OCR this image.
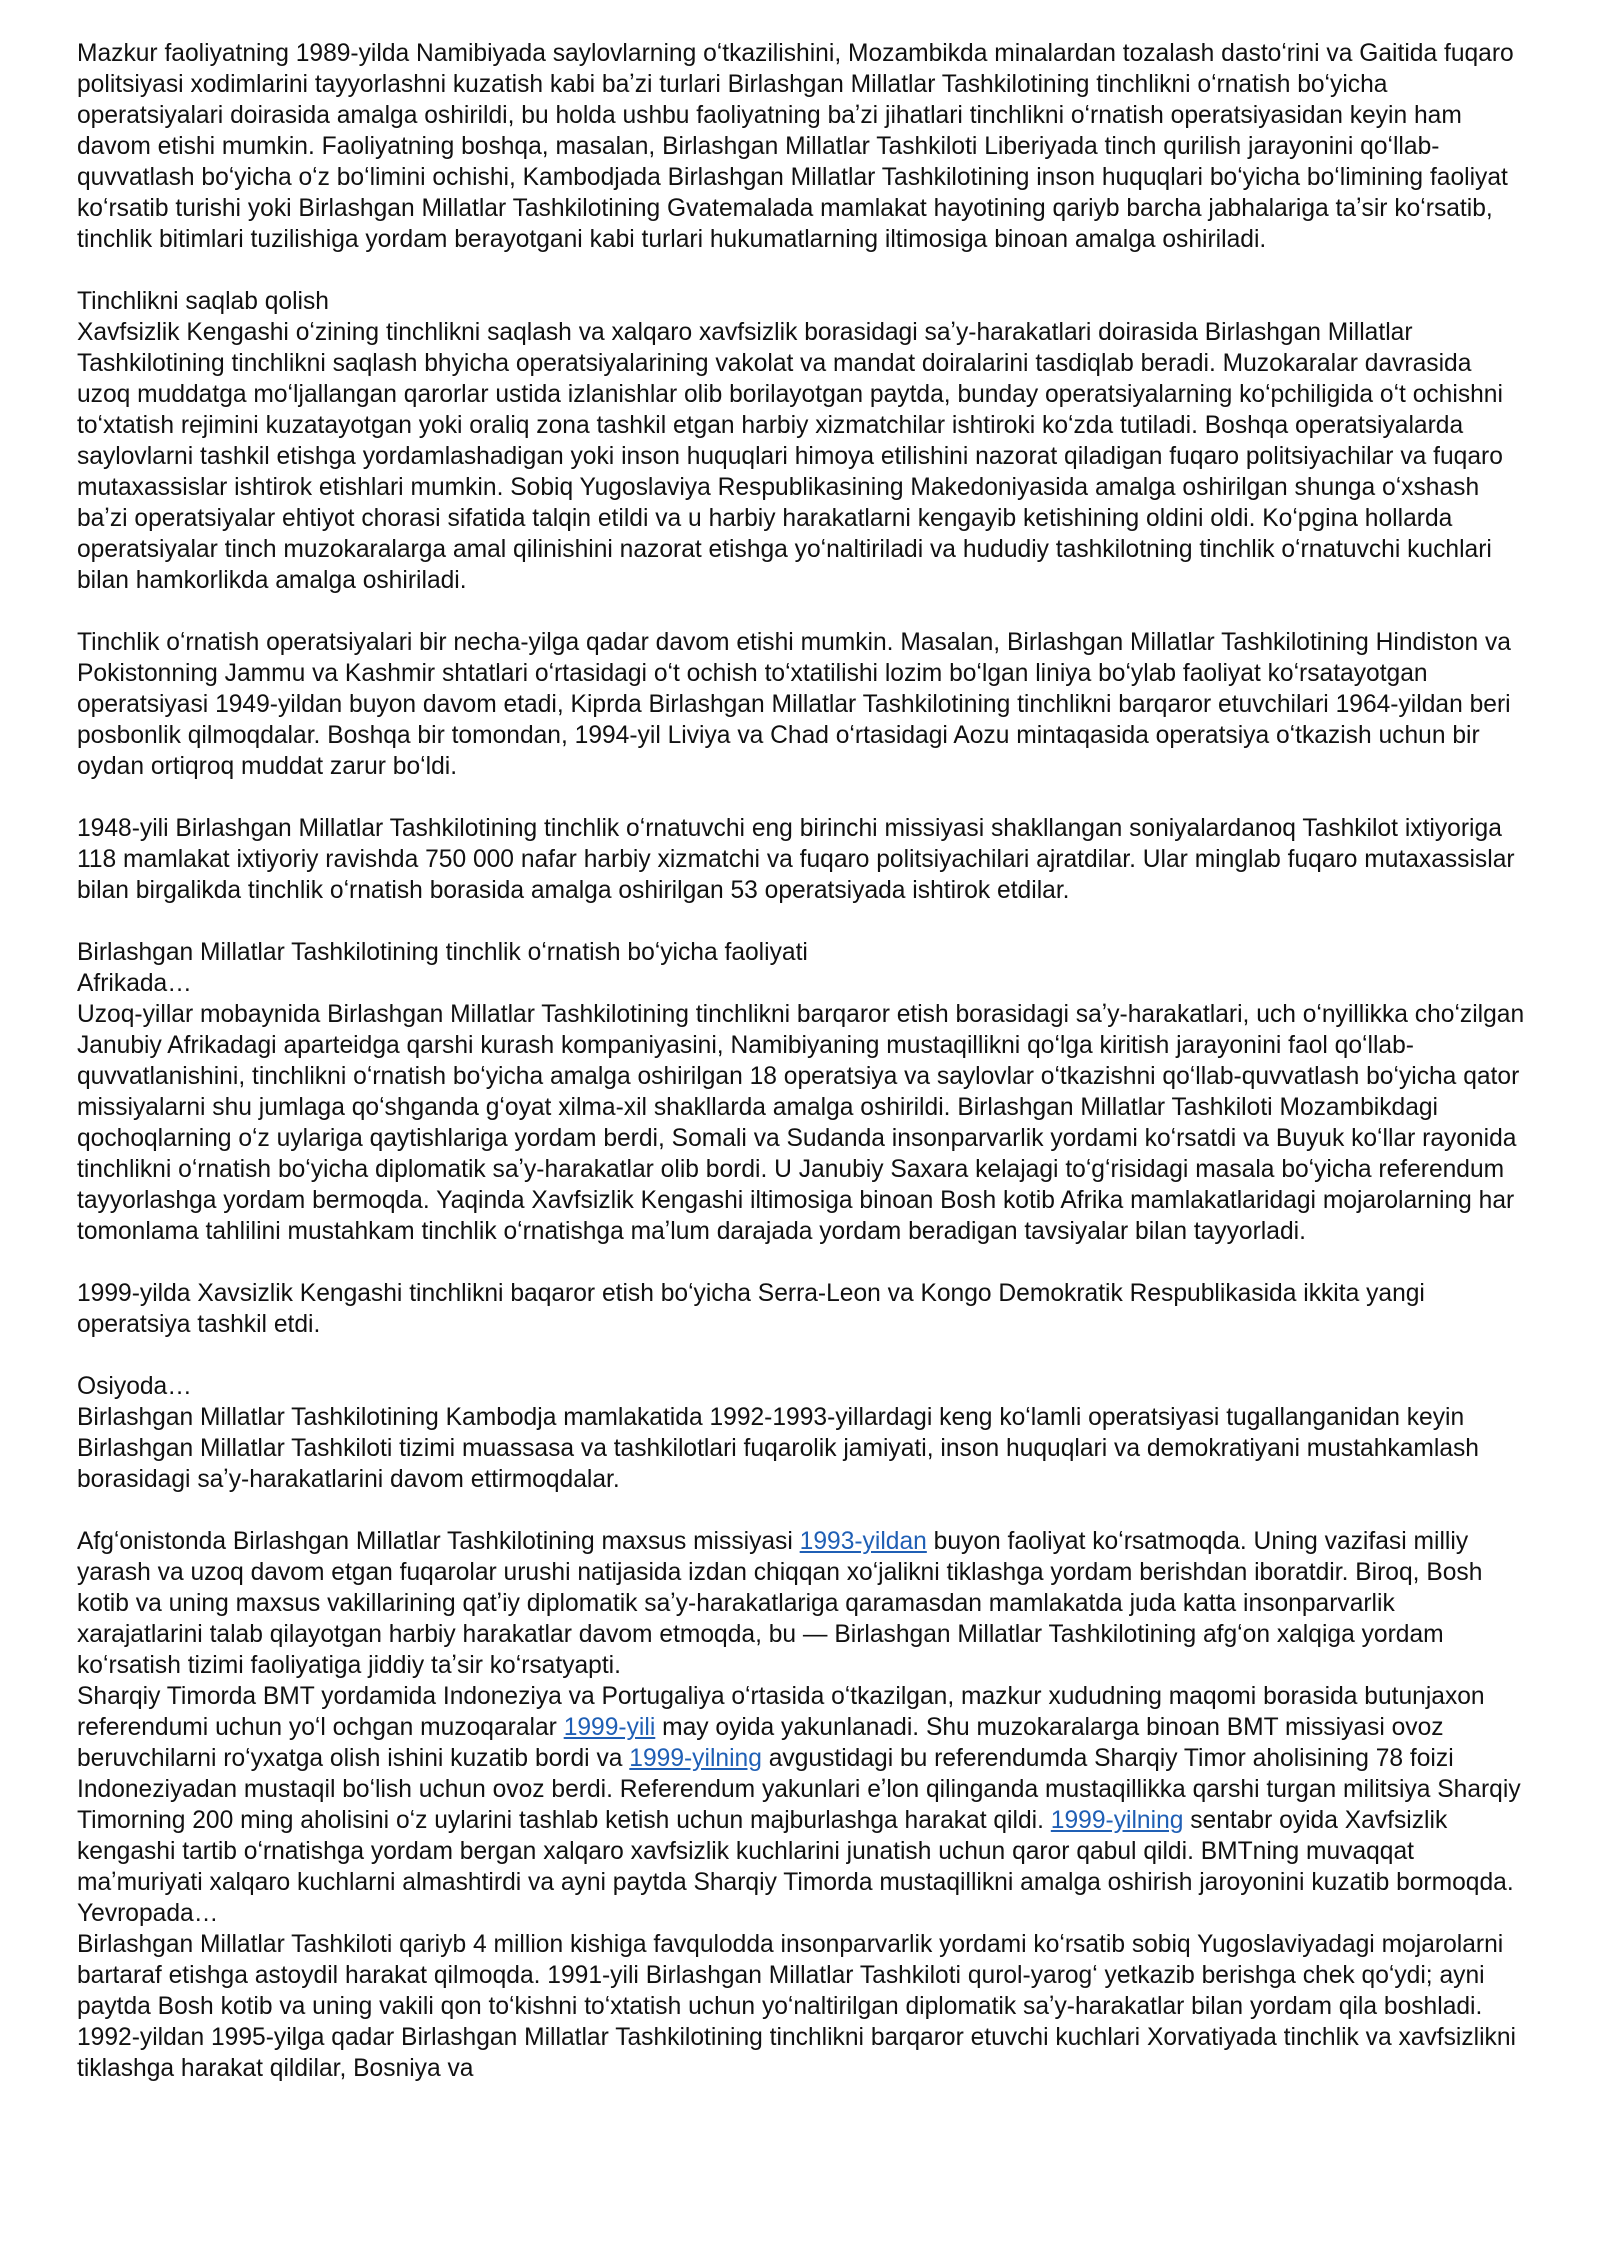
Mazkur faoliyatning 1989-yilda Namibiyada saylovlarning oʻtkazilishini, Mozambikda minalardan tozalash dastoʻrini va Gaitida fuqaro politsiyasi xodimlarini tayyorlashni kuzatish kabi baʼzi turlari Birlashgan Millatlar Tashkilotining tinchlikni oʻrnatish boʻyicha operatsiyalari doirasida amalga oshirildi, bu holda ushbu faoliyatning baʼzi jihatlari tinchlikni oʻrnatish operatsiyasidan keyin ham davom etishi mumkin. Faoliyatning boshqa, masalan, Birlashgan Millatlar Tashkiloti Liberiyada tinch qurilish jarayonini qoʻllab-quvvatlash boʻyicha oʻz boʻlimini ochishi, Kambodjada Birlashgan Millatlar Tashkilotining inson huquqlari boʻyicha boʻlimining faoliyat koʻrsatib turishi yoki Birlashgan Millatlar Tashkilotining Gvatemalada mamlakat hayotining qariyb barcha jabhalariga taʼsir koʻrsatib, tinchlik bitimlari tuzilishiga yordam berayotgani kabi turlari hukumatlarning iltimosiga binoan amalga oshiriladi.

Tinchlikni saqlab qolish
Xavfsizlik Kengashi oʻzining tinchlikni saqlash va xalqaro xavfsizlik borasidagi saʼy-harakatlari doirasida Birlashgan Millatlar Tashkilotining tinchlikni saqlash bhyicha operatsiyalarining vakolat va mandat doiralarini tasdiqlab beradi. Muzokaralar davrasida uzoq muddatga moʻljallangan qarorlar ustida izlanishlar olib borilayotgan paytda, bunday operatsiyalarning koʻpchiligida oʻt ochishni toʻxtatish rejimini kuzatayotgan yoki oraliq zona tashkil etgan harbiy xizmatchilar ishtiroki koʻzda tutiladi. Boshqa operatsiyalarda saylovlarni tashkil etishga yordamlashadigan yoki inson huquqlari himoya etilishini nazorat qiladigan fuqaro politsiyachilar va fuqaro mutaxassislar ishtirok etishlari mumkin. Sobiq Yugoslaviya Respublikasining Makedoniyasida amalga oshirilgan shunga oʻxshash baʼzi operatsiyalar ehtiyot chorasi sifatida talqin etildi va u harbiy harakatlarni kengayib ketishining oldini oldi. Koʻpgina hollarda operatsiyalar tinch muzokaralarga amal qilinishini nazorat etishga yoʻnaltiriladi va hududiy tashkilotning tinchlik oʻrnatuvchi kuchlari bilan hamkorlikda amalga oshiriladi.

Tinchlik oʻrnatish operatsiyalari bir necha-yilga qadar davom etishi mumkin. Masalan, Birlashgan Millatlar Tashkilotining Hindiston va Pokistonning Jammu va Kashmir shtatlari oʻrtasidagi oʻt ochish toʻxtatilishi lozim boʻlgan liniya boʻylab faoliyat koʻrsatayotgan operatsiyasi 1949-yildan buyon davom etadi, Kiprda Birlashgan Millatlar Tashkilotining tinchlikni barqaror etuvchilari 1964-yildan beri posbonlik qilmoqdalar. Boshqa bir tomondan, 1994-yil Liviya va Chad oʻrtasidagi Aozu mintaqasida operatsiya oʻtkazish uchun bir oydan ortiqroq muddat zarur boʻldi.

1948-yili Birlashgan Millatlar Tashkilotining tinchlik oʻrnatuvchi eng birinchi missiyasi shakllangan soniyalardanoq Tashkilot ixtiyoriga 118 mamlakat ixtiyoriy ravishda 750 000 nafar harbiy xizmatchi va fuqaro politsiyachilari ajratdilar. Ular minglab fuqaro mutaxassislar bilan birgalikda tinchlik oʻrnatish borasida amalga oshirilgan 53 operatsiyada ishtirok etdilar.

Birlashgan Millatlar Tashkilotining tinchlik oʻrnatish boʻyicha faoliyati
Afrikada…
Uzoq-yillar mobaynida Birlashgan Millatlar Tashkilotining tinchlikni barqaror etish borasidagi saʼy-harakatlari, uch oʻnyillikka choʻzilgan Janubiy Afrikadagi aparteidga qarshi kurash kompaniyasini, Namibiyaning mustaqillikni qoʻlga kiritish jarayonini faol qoʻllab-quvvatlanishini, tinchlikni oʻrnatish boʻyicha amalga oshirilgan 18 operatsiya va saylovlar oʻtkazishni qoʻllab-quvvatlash boʻyicha qator missiyalarni shu jumlaga qoʻshganda gʻoyat xilma-xil shakllarda amalga oshirildi. Birlashgan Millatlar Tashkiloti Mozambikdagi qochoqlarning oʻz uylariga qaytishlariga yordam berdi, Somali va Sudanda insonparvarlik yordami koʻrsatdi va Buyuk koʻllar rayonida tinchlikni oʻrnatish boʻyicha diplomatik saʼy-harakatlar olib bordi. U Janubiy Saxara kelajagi toʻgʻrisidagi masala boʻyicha referendum tayyorlashga yordam bermoqda. Yaqinda Xavfsizlik Kengashi iltimosiga binoan Bosh kotib Afrika mamlakatlaridagi mojarolarning har tomonlama tahlilini mustahkam tinchlik oʻrnatishga maʼlum darajada yordam beradigan tavsiyalar bilan tayyorladi.

1999-yilda Xavsizlik Kengashi tinchlikni baqaror etish boʻyicha Serra-Leon va Kongo Demokratik Respublikasida ikkita yangi operatsiya tashkil etdi.

Osiyoda…
Birlashgan Millatlar Tashkilotining Kambodja mamlakatida 1992-1993-yillardagi keng koʻlamli operatsiyasi tugallanganidan keyin Birlashgan Millatlar Tashkiloti tizimi muassasa va tashkilotlari fuqarolik jamiyati, inson huquqlari va demokratiyani mustahkamlash borasidagi saʼy-harakatlarini davom ettirmoqdalar.
Afgʻonistonda Birlashgan Millatlar Tashkilotining maxsus missiyasi 1993-yildan buyon faoliyat koʻrsatmoqda. Uning vazifasi milliy yarash va uzoq davom etgan fuqarolar urushi natijasida izdan chiqqan xoʻjalikni tiklashga yordam berishdan iboratdir. Biroq, Bosh kotib va uning maxsus vakillarining qatʼiy diplomatik saʼy-harakatlariga qaramasdan mamlakatda juda katta insonparvarlik xarajatlarini talab qilayotgan harbiy harakatlar davom etmoqda, bu — Birlashgan Millatlar Tashkilotining afgʻon xalqiga yordam koʻrsatish tizimi faoliyatiga jiddiy taʼsir koʻrsatyapti.
Sharqiy Timorda BMT yordamida Indoneziya va Portugaliya oʻrtasida oʻtkazilgan, mazkur xududning maqomi borasida butunjaxon referendumi uchun yoʻl ochgan muzoqaralar 1999-yili may oyida yakunlanadi. Shu muzokaralarga binoan BMT missiyasi ovoz beruvchilarni roʻyxatga olish ishini kuzatib bordi va 1999-yilning avgustidagi bu referendumda Sharqiy Timor aholisining 78 foizi Indoneziyadan mustaqil boʻlish uchun ovoz berdi. Referendum yakunlari eʼlon qilinganda mustaqillikka qarshi turgan militsiya Sharqiy Timorning 200 ming aholisini oʻz uylarini tashlab ketish uchun majburlashga harakat qildi. 1999-yilning sentabr oyida Xavfsizlik kengashi tartib oʻrnatishga yordam bergan xalqaro xavfsizlik kuchlarini junatish uchun qaror qabul qildi. BMTning muvaqqat maʼmuriyati xalqaro kuchlarni almashtirdi va ayni paytda Sharqiy Timorda mustaqillikni amalga oshirish jaroyonini kuzatib bormoqda.
Yevropada…
Birlashgan Millatlar Tashkiloti qariyb 4 million kishiga favqulodda insonparvarlik yordami koʻrsatib sobiq Yugoslaviyadagi mojarolarni bartaraf etishga astoydil harakat qilmoqda. 1991-yili Birlashgan Millatlar Tashkiloti qurol-yarogʻ yetkazib berishga chek qoʻydi; ayni paytda Bosh kotib va uning vakili qon toʻkishni toʻxtatish uchun yoʻnaltirilgan diplomatik saʼy-harakatlar bilan yordam qila boshladi. 1992-yildan 1995-yilga qadar Birlashgan Millatlar Tashkilotining tinchlikni barqaror etuvchi kuchlari Xorvatiyada tinchlik va xavfsizlikni tiklashga harakat qildilar, Bosniya va
